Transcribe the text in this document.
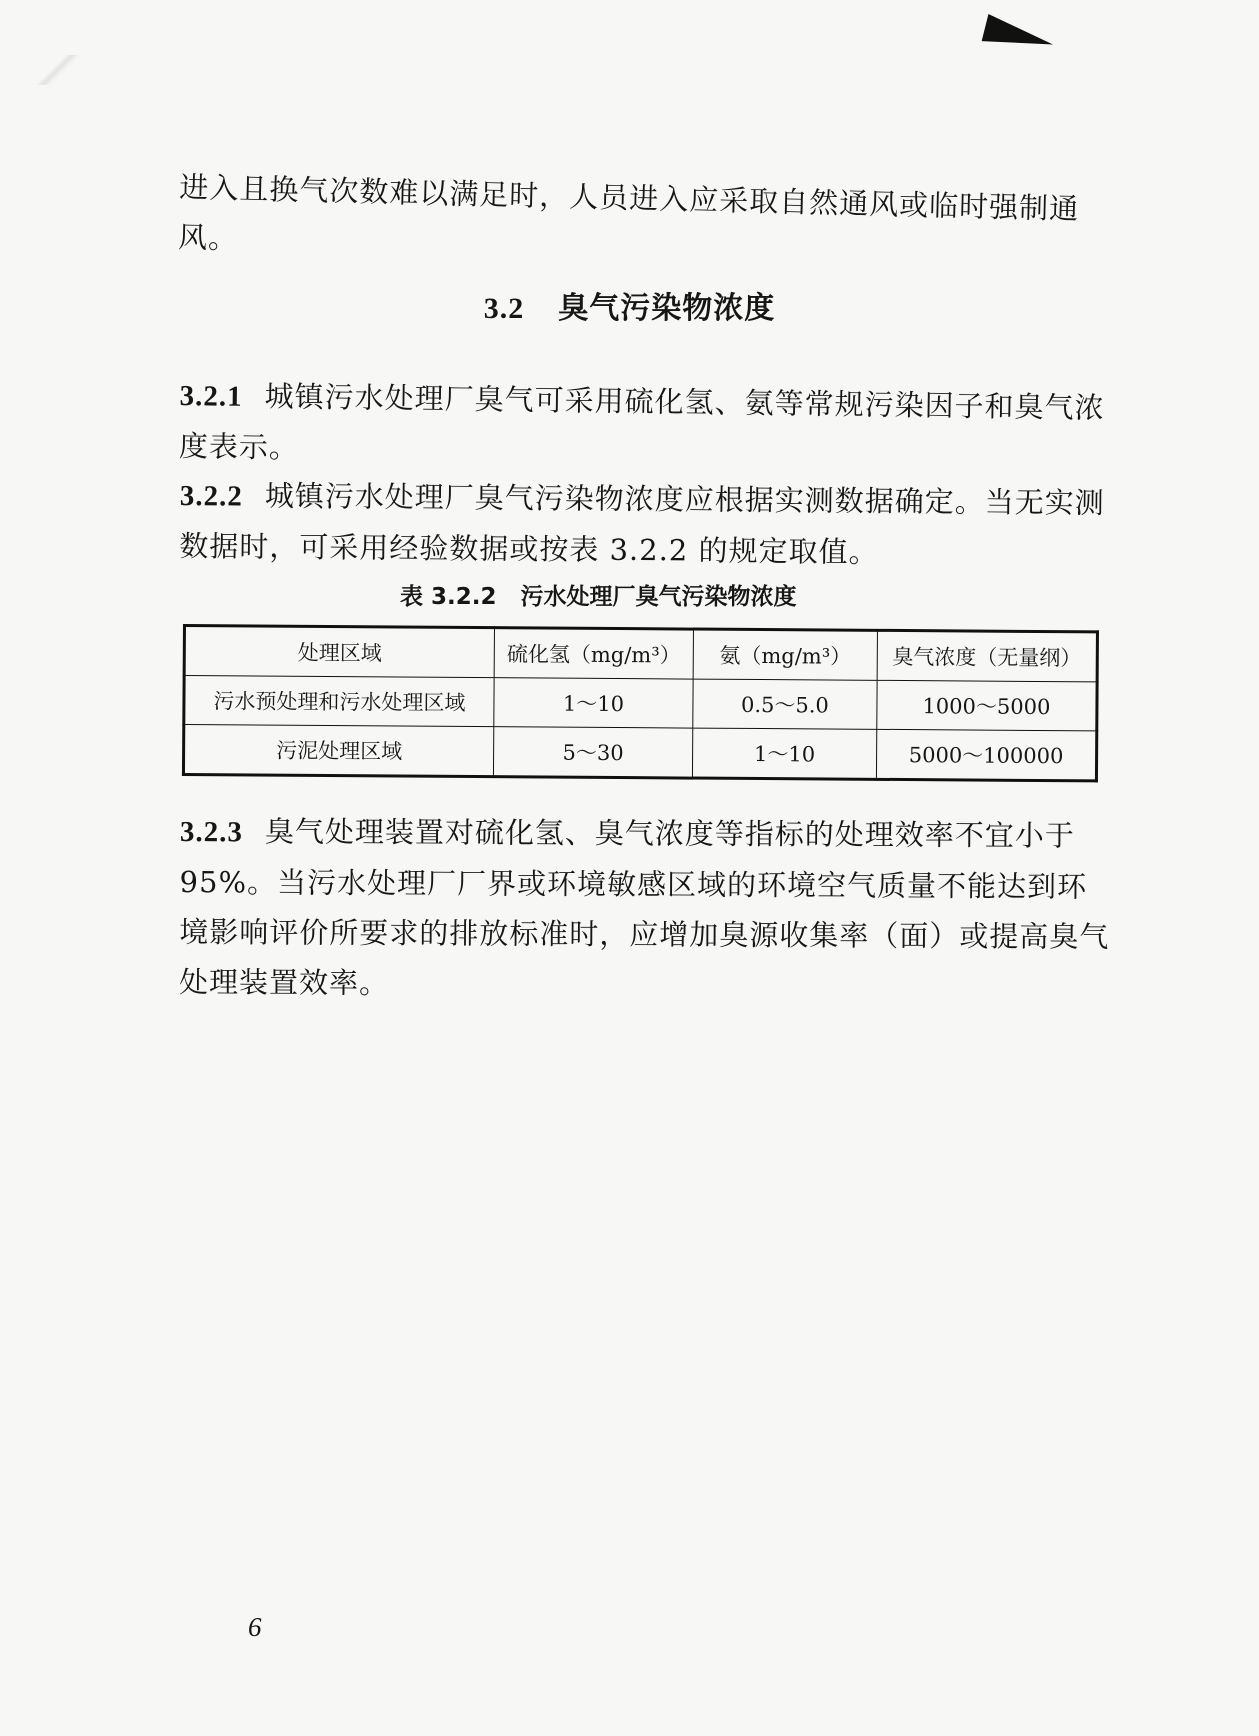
进入且换气次数难以满足时，人员进入应采取自然通风或临时强制通风。
3.2 臭气污染物浓度
3.2.1 城镇污水处理厂臭气可采用硫化氢、氨等常规污染因子和臭气浓度表示。
3.2.2 城镇污水处理厂臭气污染物浓度应根据实测数据确定。当无实测数据时，可采用经验数据或按表 3.2.2 的规定取值。
表 3.2.2 污水处理厂臭气污染物浓度
处理区域	硫化氢（mg/m³）	氨（mg/m³）	臭气浓度（无量纲）
污水预处理和污水处理区域	1～10	0.5～5.0	1000～5000
污泥处理区域	5～30	1～10	5000～100000
3.2.3 臭气处理装置对硫化氢、臭气浓度等指标的处理效率不宜小于95%。当污水处理厂厂界或环境敏感区域的环境空气质量不能达到环境影响评价所要求的排放标准时，应增加臭源收集率（面）或提高臭气处理装置效率。
6
